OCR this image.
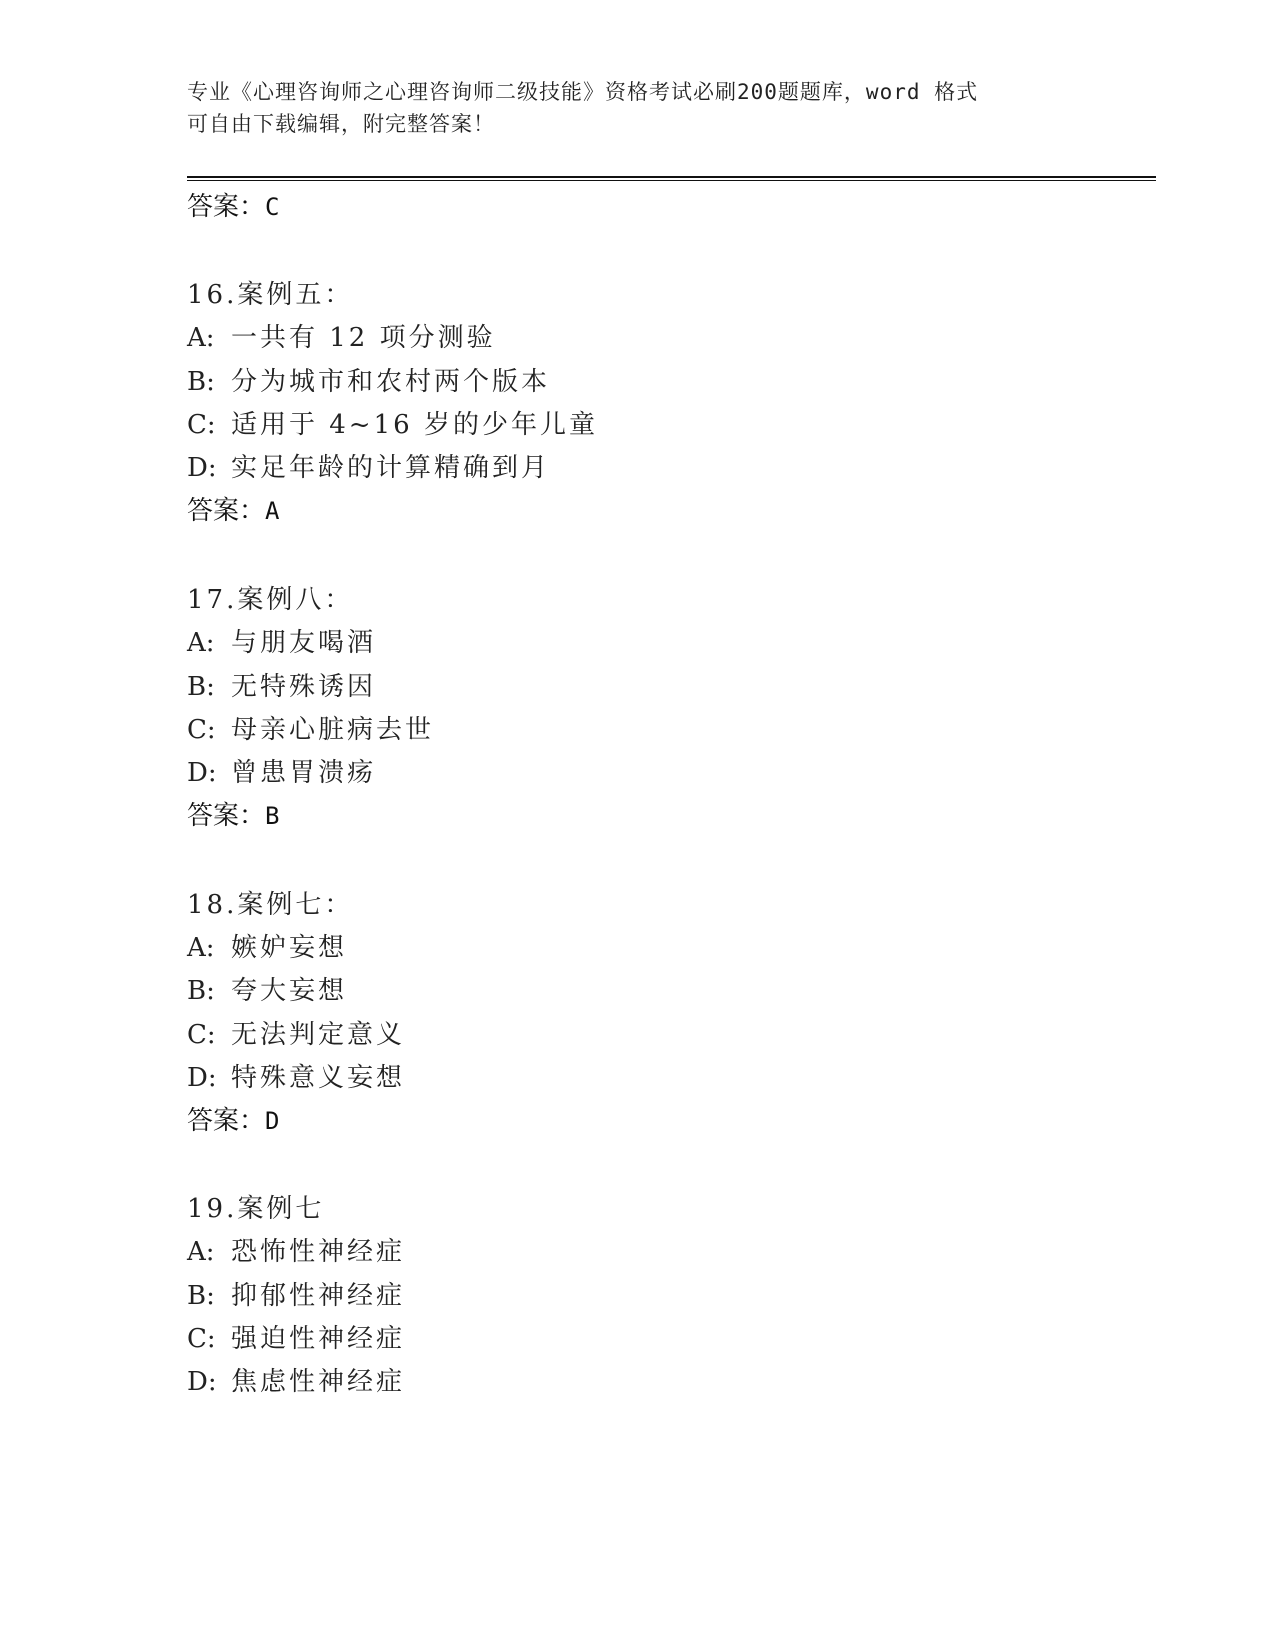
专业《心理咨询师之心理咨询师二级技能》资格考试必刷200题题库，word 格式
可自由下载编辑，附完整答案！
答案：C
16.案例五：
A: 一共有 12 项分测验
B: 分为城市和农村两个版本
C: 适用于 4~16 岁的少年儿童
D: 实足年龄的计算精确到月
答案：A
17.案例八：
A: 与朋友喝酒
B: 无特殊诱因
C: 母亲心脏病去世
D: 曾患胃溃疡
答案：B
18.案例七：
A: 嫉妒妄想
B: 夸大妄想
C: 无法判定意义
D: 特殊意义妄想
答案：D
19.案例七
A: 恐怖性神经症
B: 抑郁性神经症
C: 强迫性神经症
D: 焦虑性神经症
